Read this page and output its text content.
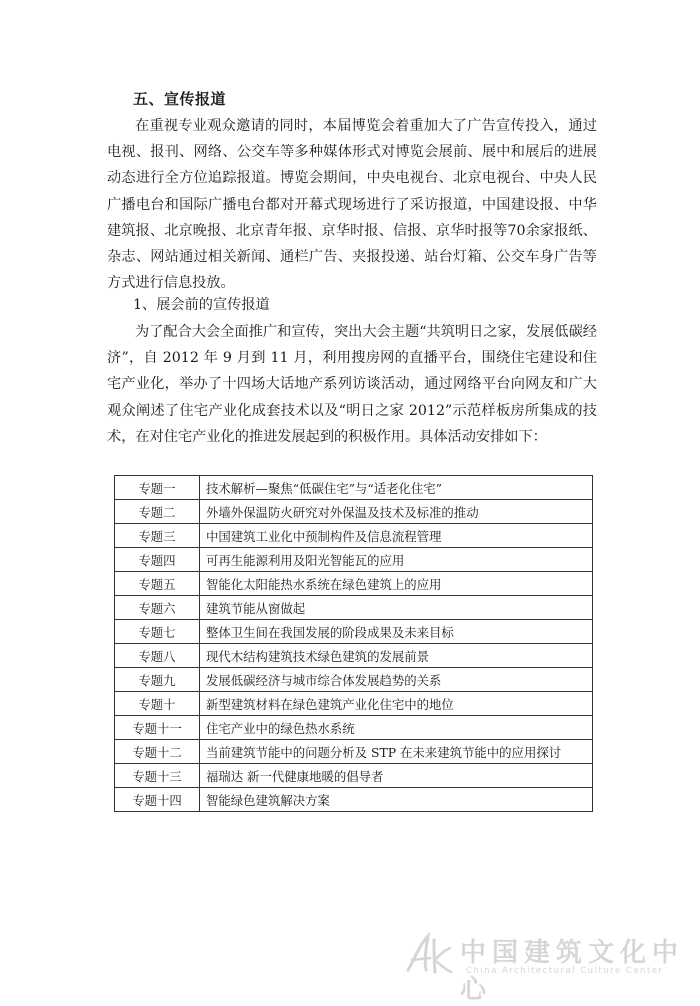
五、宣传报道

在重视专业观众邀请的同时，本届博览会着重加大了广告宣传投入，通过电视、报刊、网络、公交车等多种媒体形式对博览会展前、展中和展后的进展动态进行全方位追踪报道。博览会期间，中央电视台、北京电视台、中央人民广播电台和国际广播电台都对开幕式现场进行了采访报道，中国建设报、中华建筑报、北京晚报、北京青年报、京华时报、信报、京华时报等70余家报纸、杂志、网站通过相关新闻、通栏广告、夹报投递、站台灯箱、公交车身广告等方式进行信息投放。

1、展会前的宣传报道

为了配合大会全面推广和宣传，突出大会主题“共筑明日之家，发展低碳经济”，自 2012 年 9 月到 11 月，利用搜房网的直播平台，围绕住宅建设和住宅产业化，举办了十四场大话地产系列访谈活动，通过网络平台向网友和广大观众阐述了住宅产业化成套技术以及“明日之家 2012”示范样板房所集成的技术，在对住宅产业化的推进发展起到的积极作用。具体活动安排如下：

专题一	技术解析—聚焦“低碳住宅”与“适老化住宅”
专题二	外墙外保温防火研究对外保温及技术及标准的推动
专题三	中国建筑工业化中预制构件及信息流程管理
专题四	可再生能源利用及阳光智能瓦的应用
专题五	智能化太阳能热水系统在绿色建筑上的应用
专题六	建筑节能从窗做起
专题七	整体卫生间在我国发展的阶段成果及未来目标
专题八	现代木结构建筑技术绿色建筑的发展前景
专题九	发展低碳经济与城市综合体发展趋势的关系
专题十	新型建筑材料在绿色建筑产业化住宅中的地位
专题十一	住宅产业中的绿色热水系统
专题十二	当前建筑节能中的问题分析及 STP 在未来建筑节能中的应用探讨
专题十三	福瑞达 新一代健康地暖的倡导者
专题十四	智能绿色建筑解决方案
中国建筑文化中心
China Architectural Culture Center
